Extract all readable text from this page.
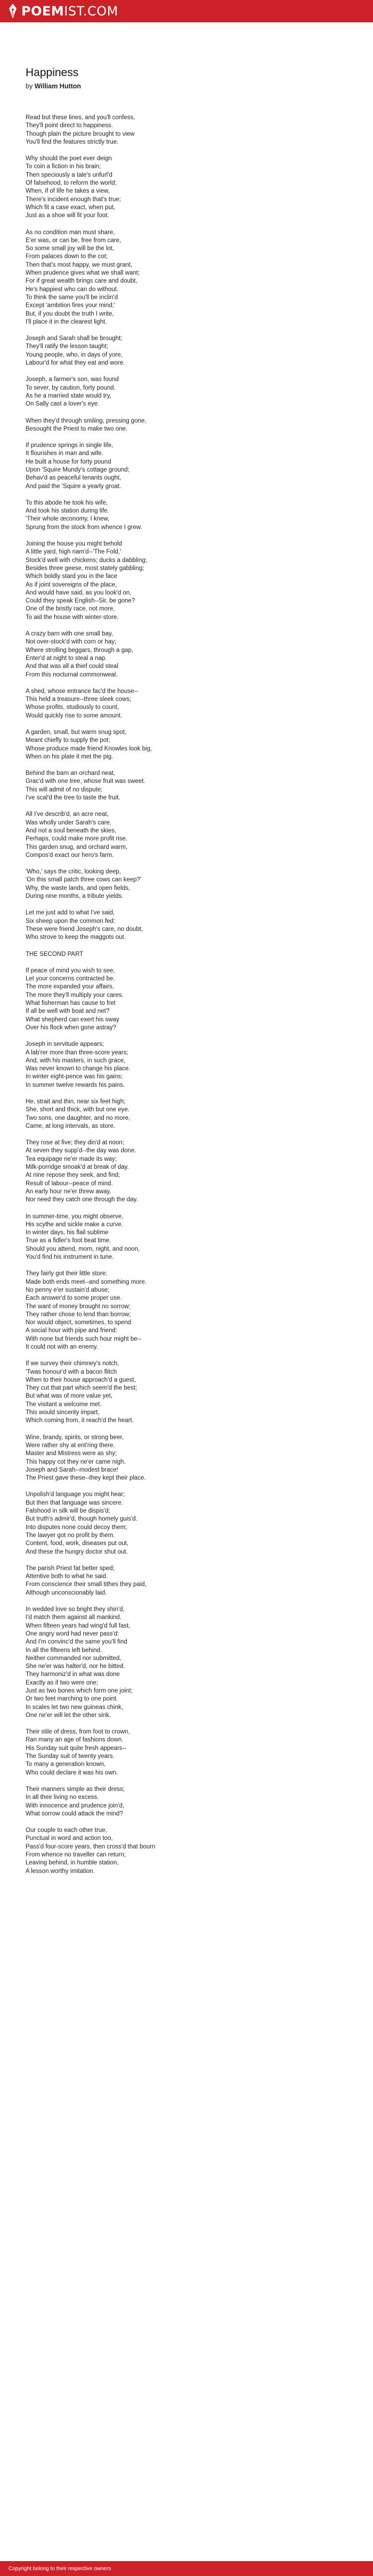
POEM IST.COM
Happiness
by William Hutton
Read but these lines, and you'll confess,
They'll point direct to happiness.
Though plain the picture brought to view
You'll find the features strictly true.
Why should the poet ever deign
To coin a fiction in his brain;
Then speciously a tale's unfurl'd
Of falsehood, to reform the world;
When, if of life he takes a view,
There's incident enough that's true;
Which fit a case exact, when put,
Just as a shoe will fit your foot.
As no condition man must share,
E'er was, or can be, free from care,
So some small joy will be the lot,
From palaces down to the cot;
Then that's most happy, we must grant,
When prudence gives what we shall want;
For if great wealth brings care and doubt,
He's happiest who can do without.
To think the same you'll be inclin'd
Except 'ambition fires your mind;'
But, if you doubt the truth I write,
I'll place it in the clearest light.
Joseph and Sarah shall be brought;
They'll ratify the lesson taught;
Young people, who, in days of yore,
Labour'd for what they eat and wore.
Joseph, a farmer's son, was found
To sever, by caution, forty pound.
As he a married state would try,
On Sally cast a lover's eye.
When they'd through smiling, pressing gone,
Besought the Priest to make two one.
If prudence springs in single life,
It flourishes in man and wife.
He built a house for forty pound
Upon 'Squire Mundy's cottage ground;
Behav'd as peaceful tenants ought,
And paid the 'Squire a yearly groat.
To this abode he took his wife,
And took his station during life.
'Their whole œconomy, I knew,
Sprung from the stock from whence I grew.
Joining the house you might behold
A little yard, high nam'd--'The Fold,'
Stock'd well with chickens; ducks a dabbling;
Besides three geese, most stately gabbling;
Which boldly stard you in the face
As if joint sovereigns of the place,
And would have said, as you look'd on,
Could they speak English--Sir, be gone?
One of the bristly race, not more,
To aid the house with winter-store.
A crazy barn with one small bay,
Not over-stock'd with corn or hay;
Where strolling beggars, through a gap,
Enter'd at night to steal a nap.
And that was all a thief could steal
From this nocturnal commonweal.
A shed, whose entrance fac'd the house--
This held a treasure--three sleek cows;
Whose profits, studiously to count,
Would quickly rise to some amount.
A garden, small, but warm snug spot,
Meant chiefly to supply the pot;
Whose produce made friend Knowles look big,
When on his plate it met the pig.
Behind the barn an orchard neat,
Grac'd with one tree, whose fruit was sweet.
This will admit of no dispute;
I've scal'd the tree to taste the fruit.
All I've describ'd, an acre neat,
Was wholly under Sarah's care.
And not a soul beneath the skies,
Perhaps, could make more profit rise.
This garden snug, and orchard warm,
Compos'd exact our hero's farm.
'Who,' says the critic, looking deep,
'On this small patch three cows can keep?'
Why, the waste lands, and open fields,
During nine months, a tribute yields.
Let me just add to what I've said,
Six sheep upon the common fed:
These were friend Joseph's care, no doubt,
Who strove to keep the maggots out.
THE SECOND PART
If peace of mind you wish to see,
Let your concerns contracted be.
The more expanded your affairs,
The more they'll multiply your cares.
What fisherman has cause to fret
If all be well with boat and net?
What shepherd can exert his sway
Over his flock when gone astray?
Joseph in servitude appears;
A lab'rer more than three-score years;
And, with his masters, in such grace,
Was never known to change his place.
In winter eight-pence was his gains;
In summer twelve rewards his pains.
He, strait and thin, near six feet high;
She, short and thick, with but one eye.
Two sons, one daughter, and no more,
Came, at long intervals, as store.
They rose at five; they din'd at noon;
At seven they supp'd--the day was done.
Tea equipage ne'er made its way;
Milk-porridge smoak'd at break of day.
At nine repose they seek, and find;
Result of labour--peace of mind.
An early hour ne'er threw away,
Nor need they catch one through the day.
In summer-time, you might observe,
His scythe and sickle make a curve.
In winter days, his flail sublime
True as a fidler's foot beat time.
Should you attend, morn, night, and noon,
You'd find his instrument in tune.
They fairly got their little store;
Made both ends meet--and something more.
No penny e'er sustain'd abuse;
Each answer'd to some proper use.
The want of money brought no sorrow;
They rather chose to lend than borrow;
Nor would object, sometimes, to spend
A social hour with pipe and friend:
With none but friends such hour might be--
It could not with an enemy.
If we survey their chimney's notch,
'Twas honour'd with a bacon flitch
When to their house approach'd a guest,
They cut that part which seem'd the best;
But what was of more value yet,
The visitant a welcome met.
This would sincerity impart,
Which coming from, it reach'd the heart.
Wine, brandy, spirits, or strong beer,
Were rather shy at ent'ring there.
Master and Mistress were as shy;
This happy cot they ne'er came nigh.
Joseph and Sarah--modest brace!
The Priest gave these--they kept their place.
Unpolish'd language you might hear;
But then that language was sincere.
Falshood in silk will be dispis'd;
But truth's admir'd, though homely guis'd.
Into disputes none could decoy them;
The lawyer got no profit by them.
Content, food, work, diseases put out,
And these the hungry doctor shut out.
The parish Priest fat better sped;
Attentive both to what he said.
From conscience their small tithes they paid,
Although unconscionably laid.
In wedded love so bright they shin'd,
I'd match them against all mankind.
When fifteen years had wing'd full fast,
One angry word had never pass'd:
And I'm convinc'd the same you'll find
In all the fifteens left behind.
Neither commanded nor submitted,
She ne'er was halter'd, nor he bitted.
They harmoniz'd in what was done
Exactly as if two were one;
Just as two bones which form one joint;
Or two feet marching to one point.
In scales let two new guineas chink,
One ne'er will let the other sink.
Their stile of dress, from foot to crown,
Ran many an age of fashions down.
His Sunday suit quite fresh appears--
The Sunday suit of twenty years.
To many a generation known,
Who could declare it was his own.
Their manners simple as their dress;
In all their living no excess.
With innocence and prudence join'd,
What sorrow could attack the mind?
Our couple to each other true,
Punctual in word and action too,
Pass'd four-score years, then cross'd that bourn
From whence no traveller can return;
Leaving behind, in humble station,
A lesson worthy imitation.
Copyright belong to their respective owners
